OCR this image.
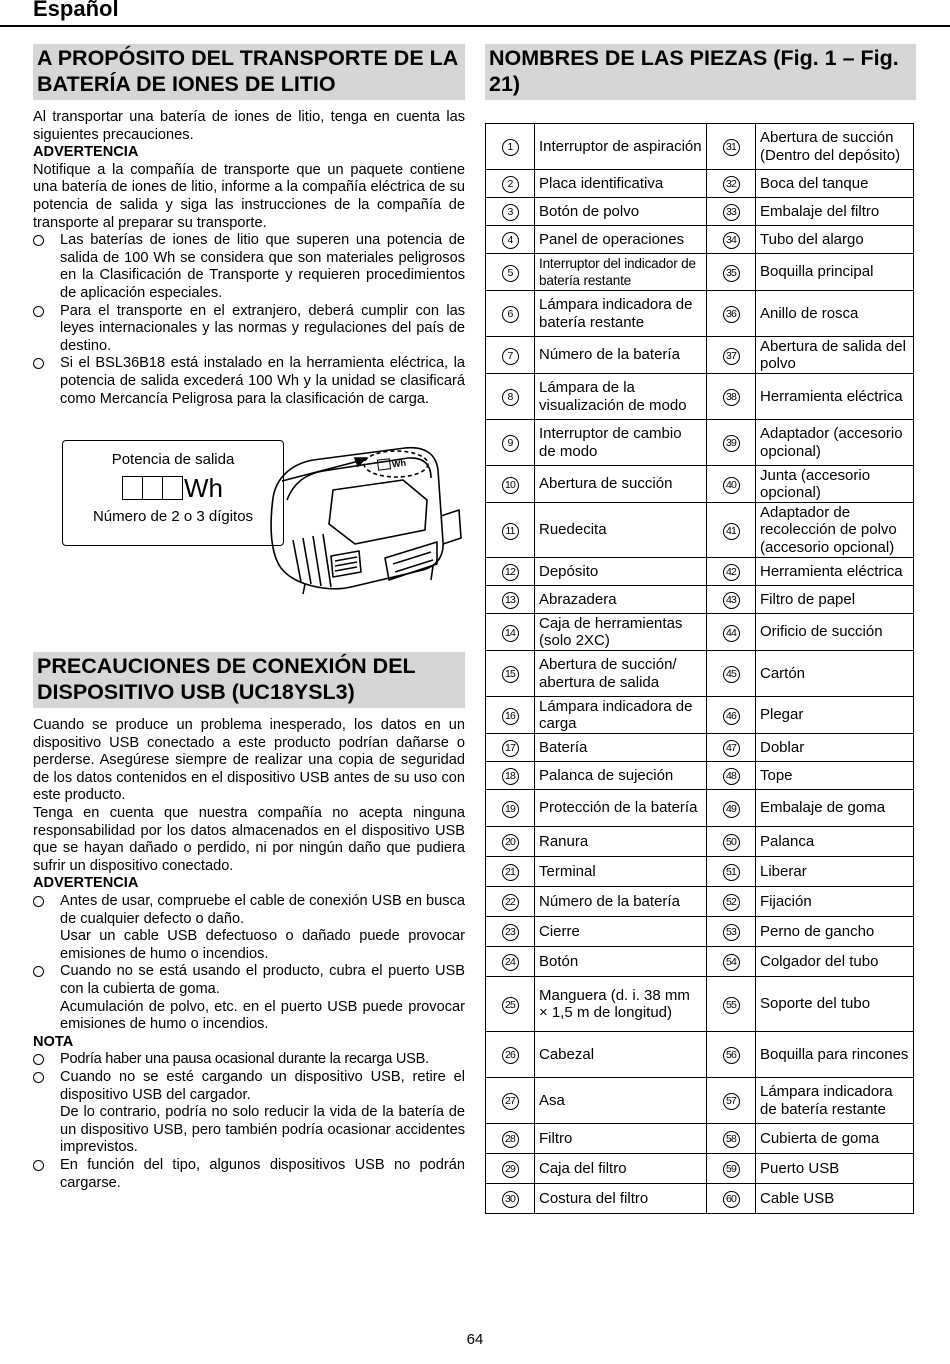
Español
A PROPÓSITO DEL TRANSPORTE DE LA BATERÍA DE IONES DE LITIO

Al transportar una batería de iones de litio, tenga en cuenta las siguientes precauciones.

ADVERTENCIA

Notifique a la compañía de transporte que un paquete contiene una batería de iones de litio, informe a la compañía eléctrica de su potencia de salida y siga las instrucciones de la compañía de transporte al preparar su transporte.

Las baterías de iones de litio que superen una potencia de salida de 100 Wh se considera que son materiales peligrosos en la Clasificación de Transporte y requieren procedimientos de aplicación especiales.
Para el transporte en el extranjero, deberá cumplir con las leyes internacionales y las normas y regulaciones del país de destino.
Si el BSL36B18 está instalado en la herramienta eléctrica, la potencia de salida excederá 100 Wh y la unidad se clasificará como Mercancía Peligrosa para la clasificación de carga.
Wh
Potencia de salida
Wh
Número de 2 o 3 dígitos
PRECAUCIONES DE CONEXIÓN DEL DISPOSITIVO USB (UC18YSL3)

Cuando se produce un problema inesperado, los datos en un dispositivo USB conectado a este producto podrían dañarse o perderse. Asegúrese siempre de realizar una copia de seguridad de los datos contenidos en el dispositivo USB antes de su uso con este producto.

Tenga en cuenta que nuestra compañía no acepta ninguna responsabilidad por los datos almacenados en el dispositivo USB que se hayan dañado o perdido, ni por ningún daño que pudiera sufrir un dispositivo conectado.

ADVERTENCIA

Antes de usar, compruebe el cable de conexión USB en busca de cualquier defecto o daño.
Usar un cable USB defectuoso o dañado puede provocar emisiones de humo o incendios.
Cuando no se está usando el producto, cubra el puerto USB con la cubierta de goma.
Acumulación de polvo, etc. en el puerto USB puede provocar emisiones de humo o incendios.

NOTA

Podría haber una pausa ocasional durante la recarga USB.
Cuando no se esté cargando un dispositivo USB, retire el dispositivo USB del cargador.
De lo contrario, podría no solo reducir la vida de la batería de un dispositivo USB, pero también podría ocasionar accidentes imprevistos.
En función del tipo, algunos dispositivos USB no podrán cargarse.
NOMBRES DE LAS PIEZAS (Fig. 1 – Fig. 21)
1	Interruptor de aspiración	31	Abertura de succión (Dentro del depósito)
2	Placa identificativa	32	Boca del tanque
3	Botón de polvo	33	Embalaje del filtro
4	Panel de operaciones	34	Tubo del alargo
5	Interruptor del indicador de batería restante	35	Boquilla principal
6	Lámpara indicadora de batería restante	36	Anillo de rosca
7	Número de la batería	37	Abertura de salida del polvo
8	Lámpara de la visualización de modo	38	Herramienta eléctrica
9	Interruptor de cambio de modo	39	Adaptador (accesorio opcional)
10	Abertura de succión	40	Junta (accesorio opcional)
11	Ruedecita	41	Adaptador de recolección de polvo (accesorio opcional)
12	Depósito	42	Herramienta eléctrica
13	Abrazadera	43	Filtro de papel
14	Caja de herramientas (solo 2XC)	44	Orificio de succión
15	Abertura de succión/ abertura de salida	45	Cartón
16	Lámpara indicadora de carga	46	Plegar
17	Batería	47	Doblar
18	Palanca de sujeción	48	Tope
19	Protección de la batería	49	Embalaje de goma
20	Ranura	50	Palanca
21	Terminal	51	Liberar
22	Número de la batería	52	Fijación
23	Cierre	53	Perno de gancho
24	Botón	54	Colgador del tubo
25	Manguera (d. i. 38 mm × 1,5 m de longitud)	55	Soporte del tubo
26	Cabezal	56	Boquilla para rincones
27	Asa	57	Lámpara indicadora de batería restante
28	Filtro	58	Cubierta de goma
29	Caja del filtro	59	Puerto USB
30	Costura del filtro	60	Cable USB
64
